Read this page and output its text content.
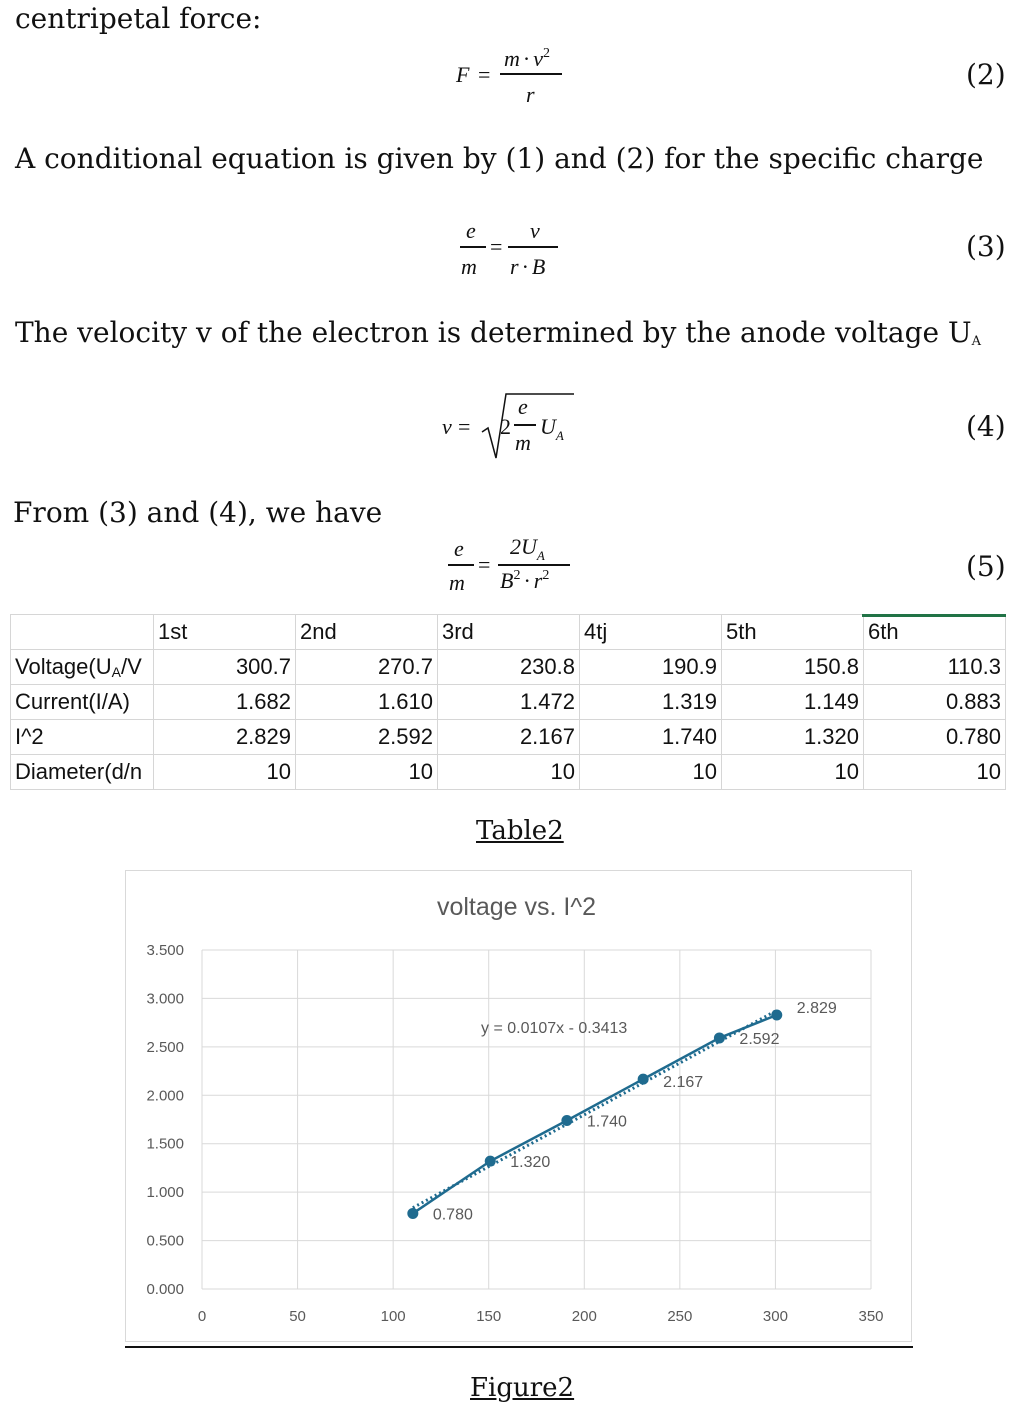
centripetal force:
F =
$m \cdot v^2$
r
(2)
A conditional equation is given by (1) and (2) for the specific charge
e
m
=
v
r · B
(3)
The velocity v of the electron is determined by the anode voltage UA
v = 2
e
m
$U_A$	(4)
From (3) and (4), we have
e
m
=
$2U_A$
$B^2 \cdot r^2$	(5)
	1st	2nd	3rd	4tj	5th	6th
Voltage(UA/V	300.7	270.7	230.8	190.9	150.8	110.3
Current(I/A)	1.682	1.610	1.472	1.319	1.149	0.883
I^2	2.829	2.592	2.167	1.740	1.320	0.780
Diameter(d/n	10	10	10	10	10	10
Table2
voltage vs. I^2
0.000
0.500
1.000
1.500
2.000
2.500
3.000
3.500
0	50	100	150	200	250	300	350
0.780
1.320
1.740
2.167
2.592
2.829
y = 0.0107x - 0.3413
Figure2
